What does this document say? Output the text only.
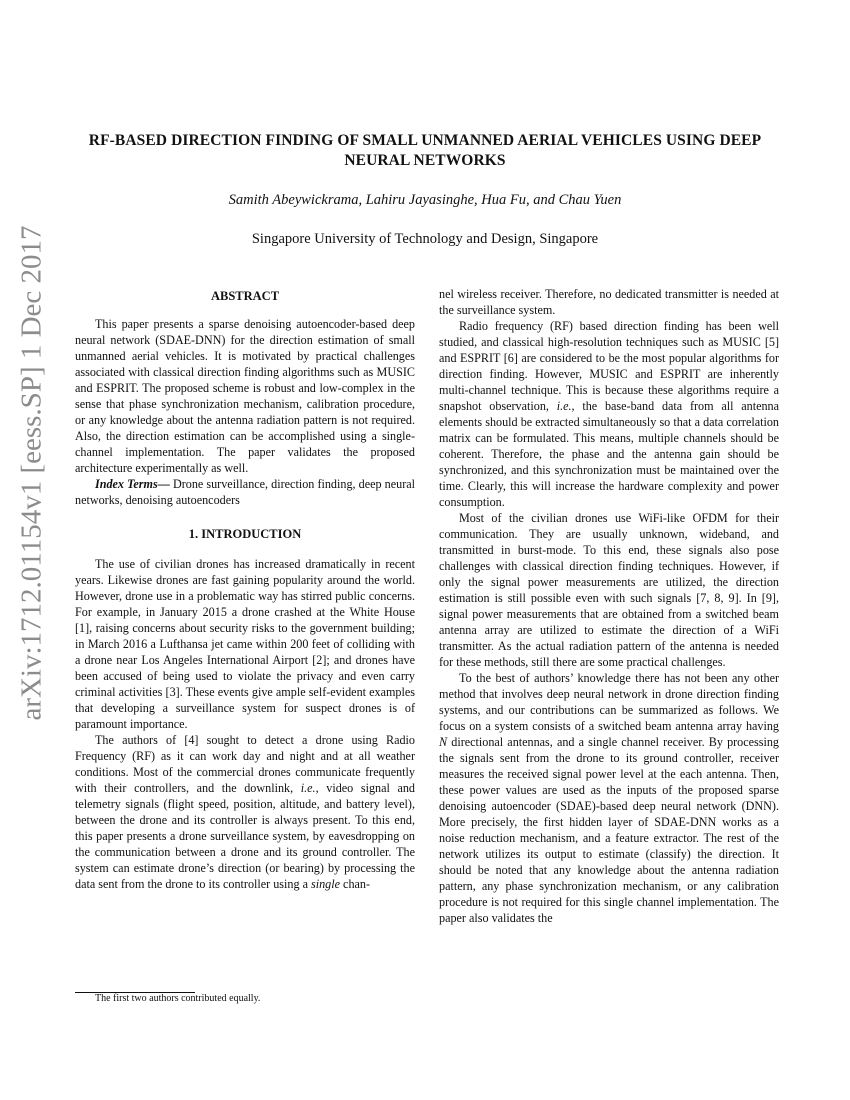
RF-BASED DIRECTION FINDING OF SMALL UNMANNED AERIAL VEHICLES USING DEEP NEURAL NETWORKS
Samith Abeywickrama, Lahiru Jayasinghe, Hua Fu, and Chau Yuen
Singapore University of Technology and Design, Singapore
arXiv:1712.01154v1 [eess.SP] 1 Dec 2017	ABSTRACT

This paper presents a sparse denoising autoencoder-based deep neural network (SDAE-DNN) for the direction estimation of small unmanned aerial vehicles. It is motivated by practical challenges associated with classical direction finding algorithms such as MUSIC and ESPRIT. The proposed scheme is robust and low-complex in the sense that phase synchronization mechanism, calibration procedure, or any knowledge about the antenna radiation pattern is not required. Also, the direction estimation can be accomplished using a single-channel implementation. The paper validates the proposed architecture experimentally as well.

Index Terms— Drone surveillance, direction finding, deep neural networks, denoising autoencoders

1. INTRODUCTION

The use of civilian drones has increased dramatically in recent years. Likewise drones are fast gaining popularity around the world. However, drone use in a problematic way has stirred public concerns. For example, in January 2015 a drone crashed at the White House [1], raising concerns about security risks to the government building; in March 2016 a Lufthansa jet came within 200 feet of colliding with a drone near Los Angeles International Airport [2]; and drones have been accused of being used to violate the privacy and even carry criminal activities [3]. These events give ample self-evident examples that developing a surveillance system for suspect drones is of paramount importance.

The authors of [4] sought to detect a drone using Radio Frequency (RF) as it can work day and night and at all weather conditions. Most of the commercial drones communicate frequently with their controllers, and the downlink, i.e., video signal and telemetry signals (flight speed, position, altitude, and battery level), between the drone and its controller is always present. To this end, this paper presents a drone surveillance system, by eavesdropping on the communication between a drone and its ground controller. The system can estimate drone’s direction (or bearing) by processing the data sent from the drone to its controller using a single chan-

nel wireless receiver. Therefore, no dedicated transmitter is needed at the surveillance system.

Radio frequency (RF) based direction finding has been well studied, and classical high-resolution techniques such as MUSIC [5] and ESPRIT [6] are considered to be the most popular algorithms for direction finding. However, MUSIC and ESPRIT are inherently multi-channel technique. This is because these algorithms require a snapshot observation, i.e., the base-band data from all antenna elements should be extracted simultaneously so that a data correlation matrix can be formulated. This means, multiple channels should be coherent. Therefore, the phase and the antenna gain should be synchronized, and this synchronization must be maintained over the time. Clearly, this will increase the hardware complexity and power consumption.

Most of the civilian drones use WiFi-like OFDM for their communication. They are usually unknown, wideband, and transmitted in burst-mode. To this end, these signals also pose challenges with classical direction finding techniques. However, if only the signal power measurements are utilized, the direction estimation is still possible even with such signals [7, 8, 9]. In [9], signal power measurements that are obtained from a switched beam antenna array are utilized to estimate the direction of a WiFi transmitter. As the actual radiation pattern of the antenna is needed for these methods, still there are some practical challenges.

To the best of authors’ knowledge there has not been any other method that involves deep neural network in drone direction finding systems, and our contributions can be summarized as follows. We focus on a system consists of a switched beam antenna array having N directional antennas, and a single channel receiver. By processing the signals sent from the drone to its ground controller, receiver measures the received signal power level at the each antenna. Then, these power values are used as the inputs of the proposed sparse denoising autoencoder (SDAE)-based deep neural network (DNN). More precisely, the first hidden layer of SDAE-DNN works as a noise reduction mechanism, and a feature extractor. The rest of the network utilizes its output to estimate (classify) the direction. It should be noted that any knowledge about the antenna radiation pattern, any phase synchronization mechanism, or any calibration procedure is not required for this single channel implementation. The paper also validates the

The first two authors contributed equally.
